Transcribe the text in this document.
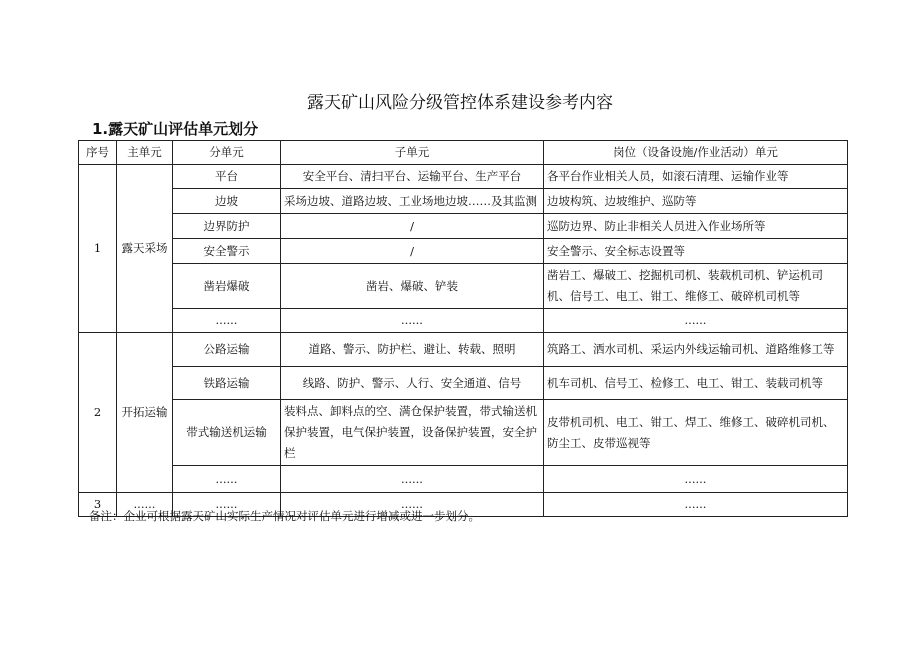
露天矿山风险分级管控体系建设参考内容
1.露天矿山评估单元划分
序号	主单元	分单元	子单元	岗位（设备设施/作业活动）单元
1	露天采场	平台	安全平台、清扫平台、运输平台、生产平台	各平台作业相关人员，如滚石清理、运输作业等
		边坡	采场边坡、道路边坡、工业场地边坡……及其监测	边坡构筑、边坡维护、巡防等
		边界防护	/	巡防边界、防止非相关人员进入作业场所等
		安全警示	/	安全警示、安全标志设置等
		凿岩爆破	凿岩、爆破、铲装	凿岩工、爆破工、挖掘机司机、装载机司机、铲运机司机、信号工、电工、钳工、维修工、破碎机司机等
		......	......	......
2	开拓运输	公路运输	道路、警示、防护栏、避让、转载、照明	筑路工、洒水司机、采运内外线运输司机、道路维修工等
		铁路运输	线路、防护、警示、人行、安全通道、信号	机车司机、信号工、检修工、电工、钳工、装载司机等
		带式输送机运输	装料点、卸料点的空、满仓保护装置，带式输送机保护装置，电气保护装置，设备保护装置，安全护栏	皮带机司机、电工、钳工、焊工、维修工、破碎机司机、防尘工、皮带巡视等
		......	......	......
3	......	......	......	......
备注：企业可根据露天矿山实际生产情况对评估单元进行增减或进一步划分。
